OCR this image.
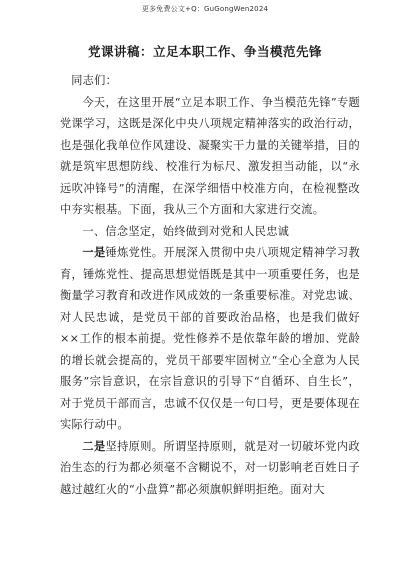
更多免费公文+Q：GuGongWen2024
党课讲稿：立足本职工作、争当模范先锋

同志们：

今天，在这里开展“立足本职工作、争当模范先锋”专题党课学习，这既是深化中央八项规定精神落实的政治行动，也是强化我单位作风建设、凝聚实干力量的关键举措，目的就是筑牢思想防线、校准行为标尺、激发担当动能，以“永远吹冲锋号”的清醒，在深学细悟中校准方向，在检视整改中夯实根基。下面，我从三个方面和大家进行交流。

一、信念坚定，始终做到对党和人民忠诚

一是锤炼党性。开展深入贯彻中央八项规定精神学习教育，锤炼党性、提高思想觉悟既是其中一项重要任务，也是衡量学习教育和改进作风成效的一条重要标准。对党忠诚、对人民忠诚，是党员干部的首要政治品格，也是我们做好××工作的根本前提。党性修养不是依靠年龄的增加、党龄的增长就会提高的，党员干部要牢固树立“全心全意为人民服务”宗旨意识，在宗旨意识的引导下“自循环、自生长”，对于党员干部而言，忠诚不仅仅是一句口号，更是要体现在实际行动中。

二是坚持原则。所谓坚持原则，就是对一切破坏党内政治生态的行为都必须毫不含糊说不，对一切影响老百姓日子越过越红火的“小盘算”都必须旗帜鲜明拒绝。面对大
